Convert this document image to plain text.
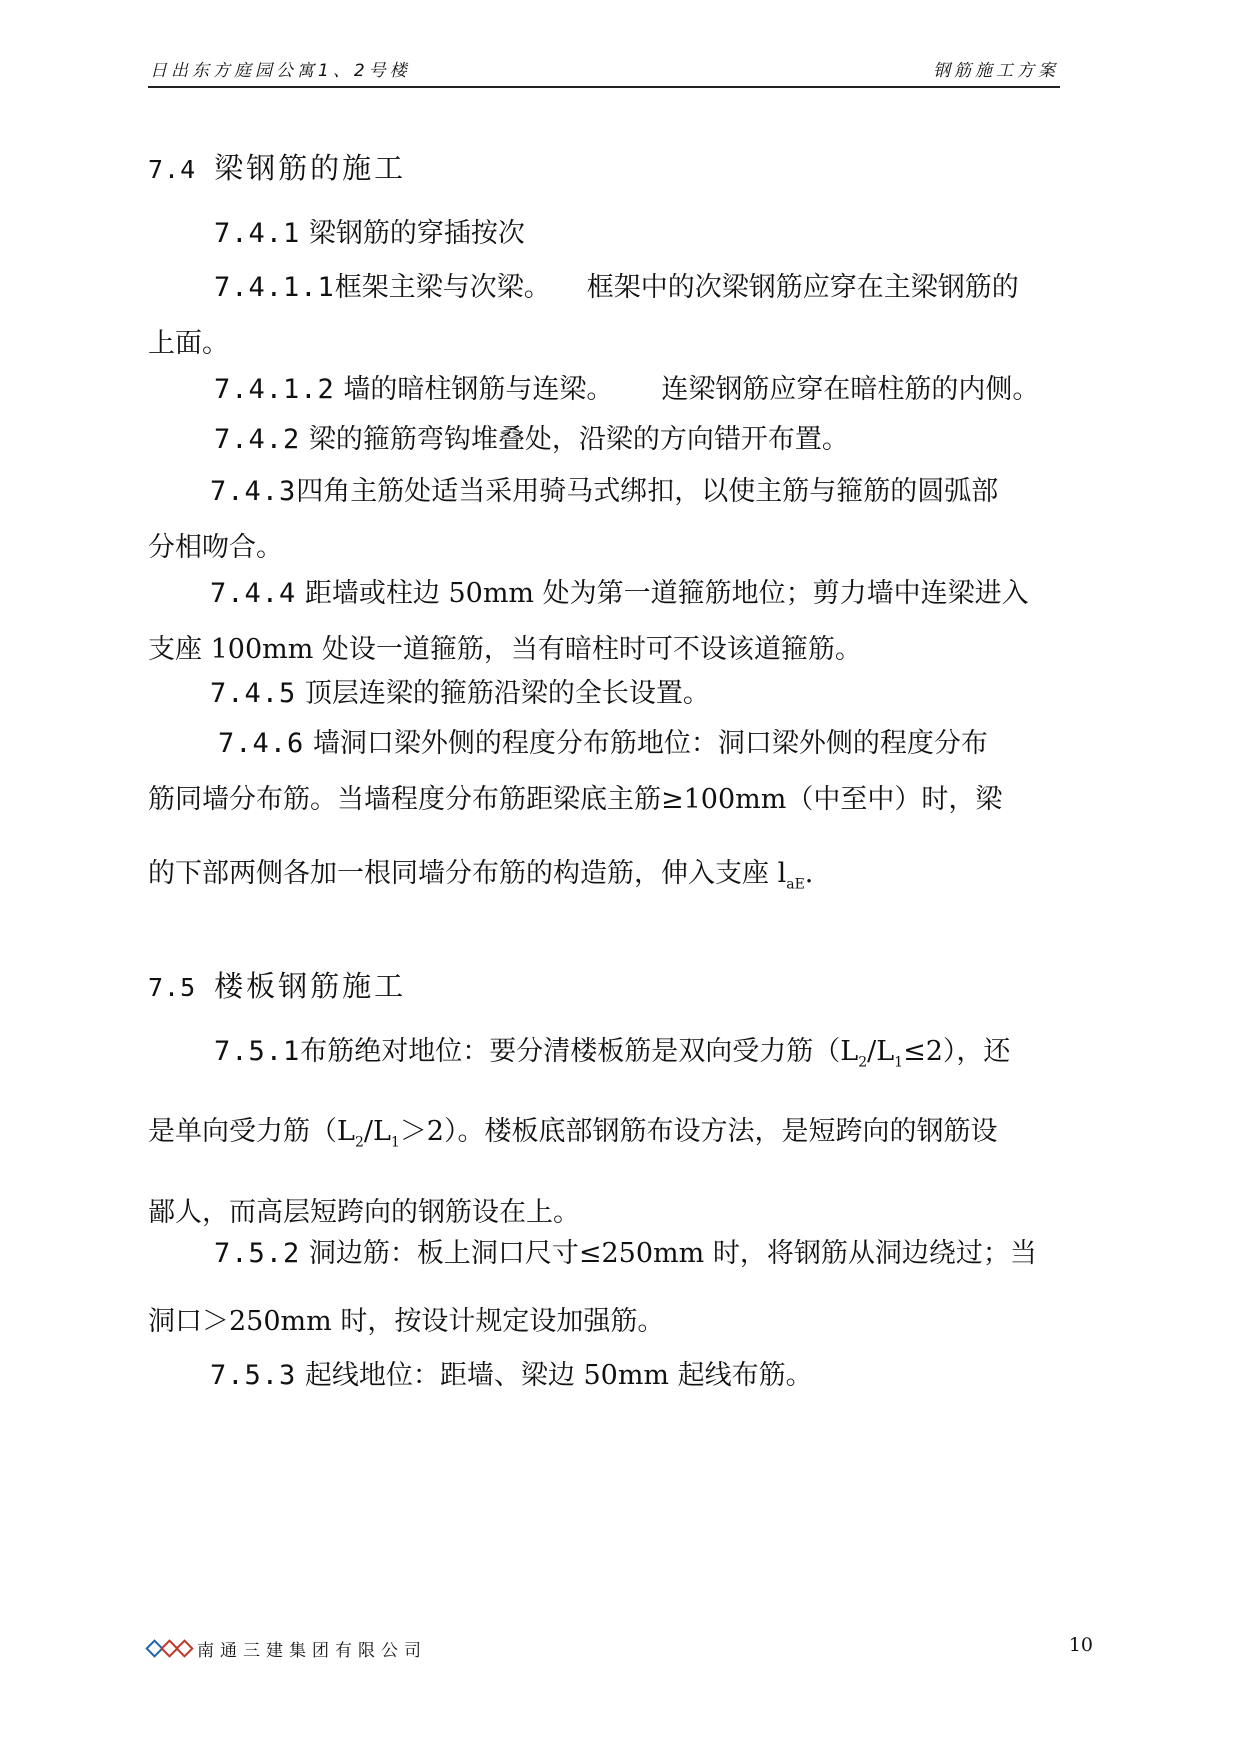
日出东方庭园公寓1、2号楼	钢筋施工方案
7.4 梁钢筋的施工
7.4.1 梁钢筋的穿插按次
7.4.1.1框架主梁与次梁。 框架中的次梁钢筋应穿在主梁钢筋的
上面。
7.4.1.2 墙的暗柱钢筋与连梁。 连梁钢筋应穿在暗柱筋的内侧。
7.4.2 梁的箍筋弯钩堆叠处，沿梁的方向错开布置。
7.4.3四角主筋处适当采用骑马式绑扣，以使主筋与箍筋的圆弧部
分相吻合。
7.4.4 距墙或柱边 50mm 处为第一道箍筋地位；剪力墙中连梁进入
支座 100mm 处设一道箍筋，当有暗柱时可不设该道箍筋。
7.4.5 顶层连梁的箍筋沿梁的全长设置。
7.4.6 墙洞口梁外侧的程度分布筋地位：洞口梁外侧的程度分布
筋同墙分布筋。当墙程度分布筋距梁底主筋≥100mm（中至中）时，梁
的下部两侧各加一根同墙分布筋的构造筋，伸入支座 $l_{aE}$.
7.5 楼板钢筋施工
7.5.1布筋绝对地位：要分清楼板筋是双向受力筋$(L_2/L_1\le 2)$，还
是单向受力筋$(L_2/L_1>2)$。楼板底部钢筋布设方法，是短跨向的钢筋设
鄙人，而高层短跨向的钢筋设在上。
7.5.2 洞边筋：板上洞口尺寸≤250mm 时，将钢筋从洞边绕过；当
洞口＞250mm 时，按设计规定设加强筋。
7.5.3 起线地位：距墙、梁边 50mm 起线布筋。
南通三建集团有限公司	10
